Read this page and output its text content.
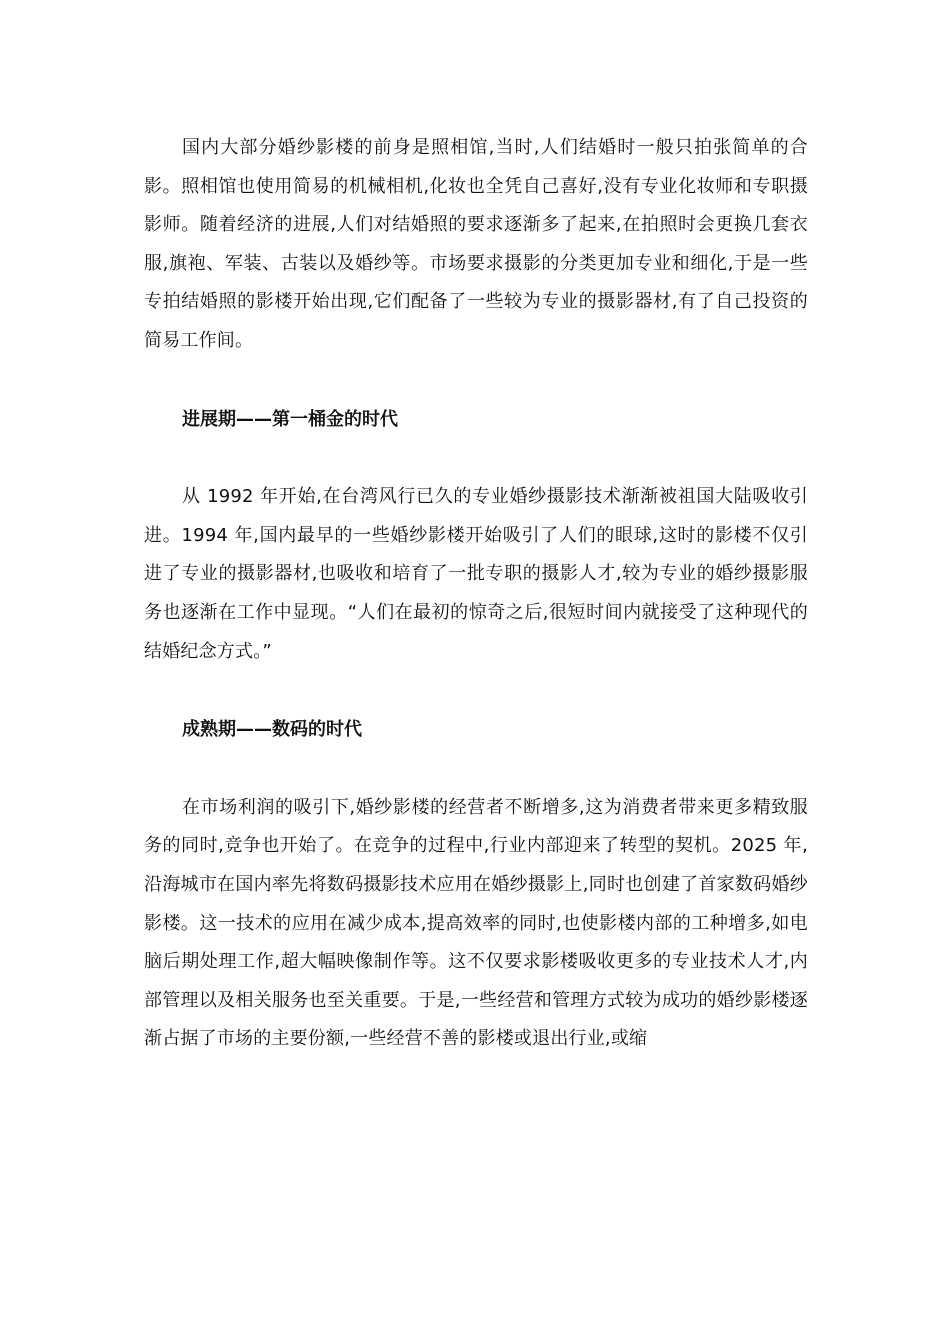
国内大部分婚纱影楼的前身是照相馆,当时,人们结婚时一般只拍张简单的合影。照相馆也使用简易的机械相机,化妆也全凭自己喜好,没有专业化妆师和专职摄影师。随着经济的进展,人们对结婚照的要求逐渐多了起来,在拍照时会更换几套衣服,旗袍、军装、古装以及婚纱等。市场要求摄影的分类更加专业和细化,于是一些专拍结婚照的影楼开始出现,它们配备了一些较为专业的摄影器材,有了自己投资的简易工作间。

进展期——第一桶金的时代

从 1992 年开始,在台湾风行已久的专业婚纱摄影技术渐渐被祖国大陆吸收引进。1994 年,国内最早的一些婚纱影楼开始吸引了人们的眼球,这时的影楼不仅引进了专业的摄影器材,也吸收和培育了一批专职的摄影人才,较为专业的婚纱摄影服务也逐渐在工作中显现。“人们在最初的惊奇之后,很短时间内就接受了这种现代的结婚纪念方式。”

成熟期——数码的时代

在市场利润的吸引下,婚纱影楼的经营者不断增多,这为消费者带来更多精致服务的同时,竞争也开始了。在竞争的过程中,行业内部迎来了转型的契机。2025 年,沿海城市在国内率先将数码摄影技术应用在婚纱摄影上,同时也创建了首家数码婚纱影楼。这一技术的应用在减少成本,提高效率的同时,也使影楼内部的工种增多,如电脑后期处理工作,超大幅映像制作等。这不仅要求影楼吸收更多的专业技术人才,内部管理以及相关服务也至关重要。于是,一些经营和管理方式较为成功的婚纱影楼逐渐占据了市场的主要份额,一些经营不善的影楼或退出行业,或缩
